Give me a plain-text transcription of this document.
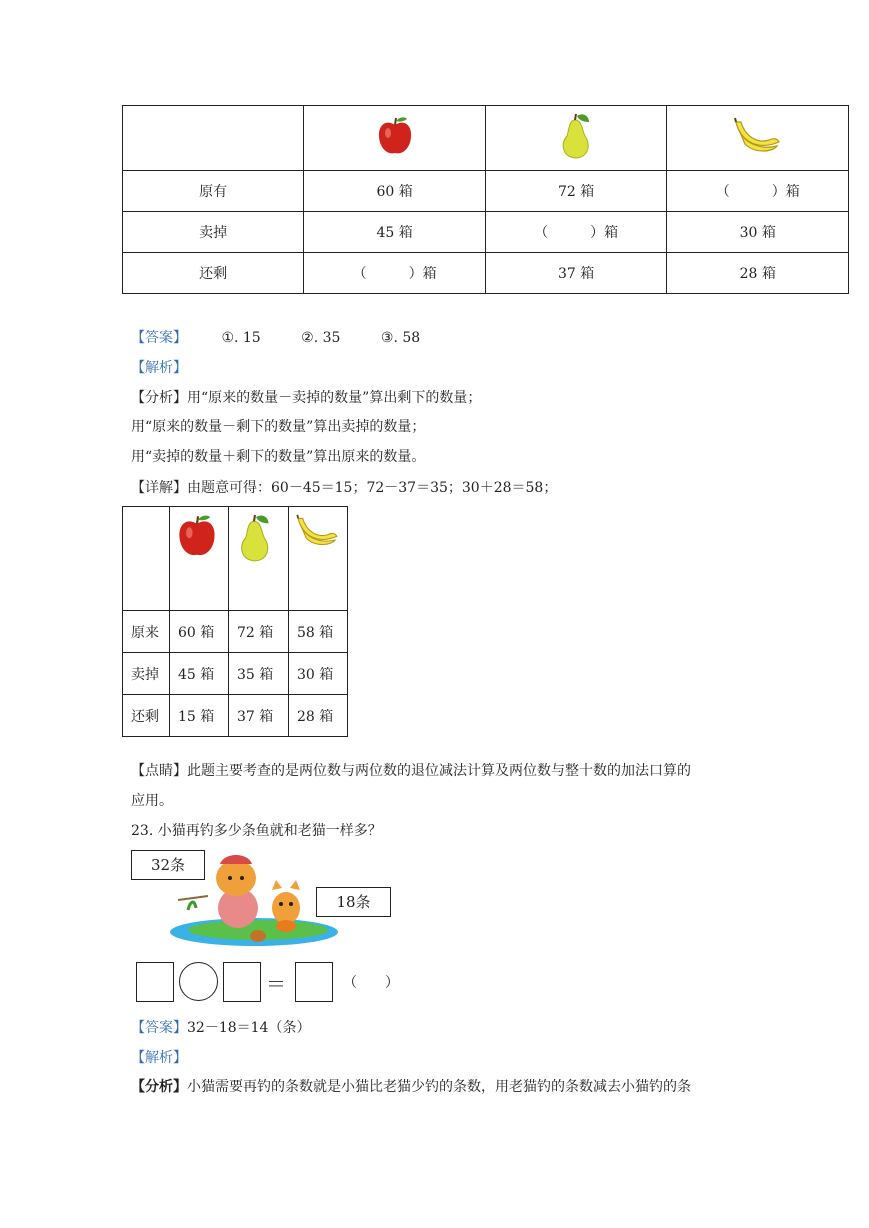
原有	60 箱	72 箱	（　　　）箱
卖掉	45 箱	（　　　）箱	30 箱
还剩	（　　　）箱	37 箱	28 箱
【答案】 ①. 15	②. 35	③. 58
【解析】
【分析】用“原来的数量－卖掉的数量”算出剩下的数量；
用“原来的数量－剩下的数量”算出卖掉的数量；
用“卖掉的数量＋剩下的数量”算出原来的数量。
【详解】由题意可得：60－45＝15；72－37＝35；30＋28＝58；

原来	60 箱	72 箱	58 箱
卖掉	45 箱	35 箱	30 箱
还剩	15 箱	37 箱	28 箱
【点睛】此题主要考查的是两位数与两位数的退位减法计算及两位数与整十数的加法口算的
应用。
23. 小猫再钓多少条鱼就和老猫一样多？
32条
18条
＝	（　　）
【答案】32－18＝14（条）
【解析】
【分析】小猫需要再钓的条数就是小猫比老猫少钓的条数，用老猫钓的条数减去小猫钓的条
